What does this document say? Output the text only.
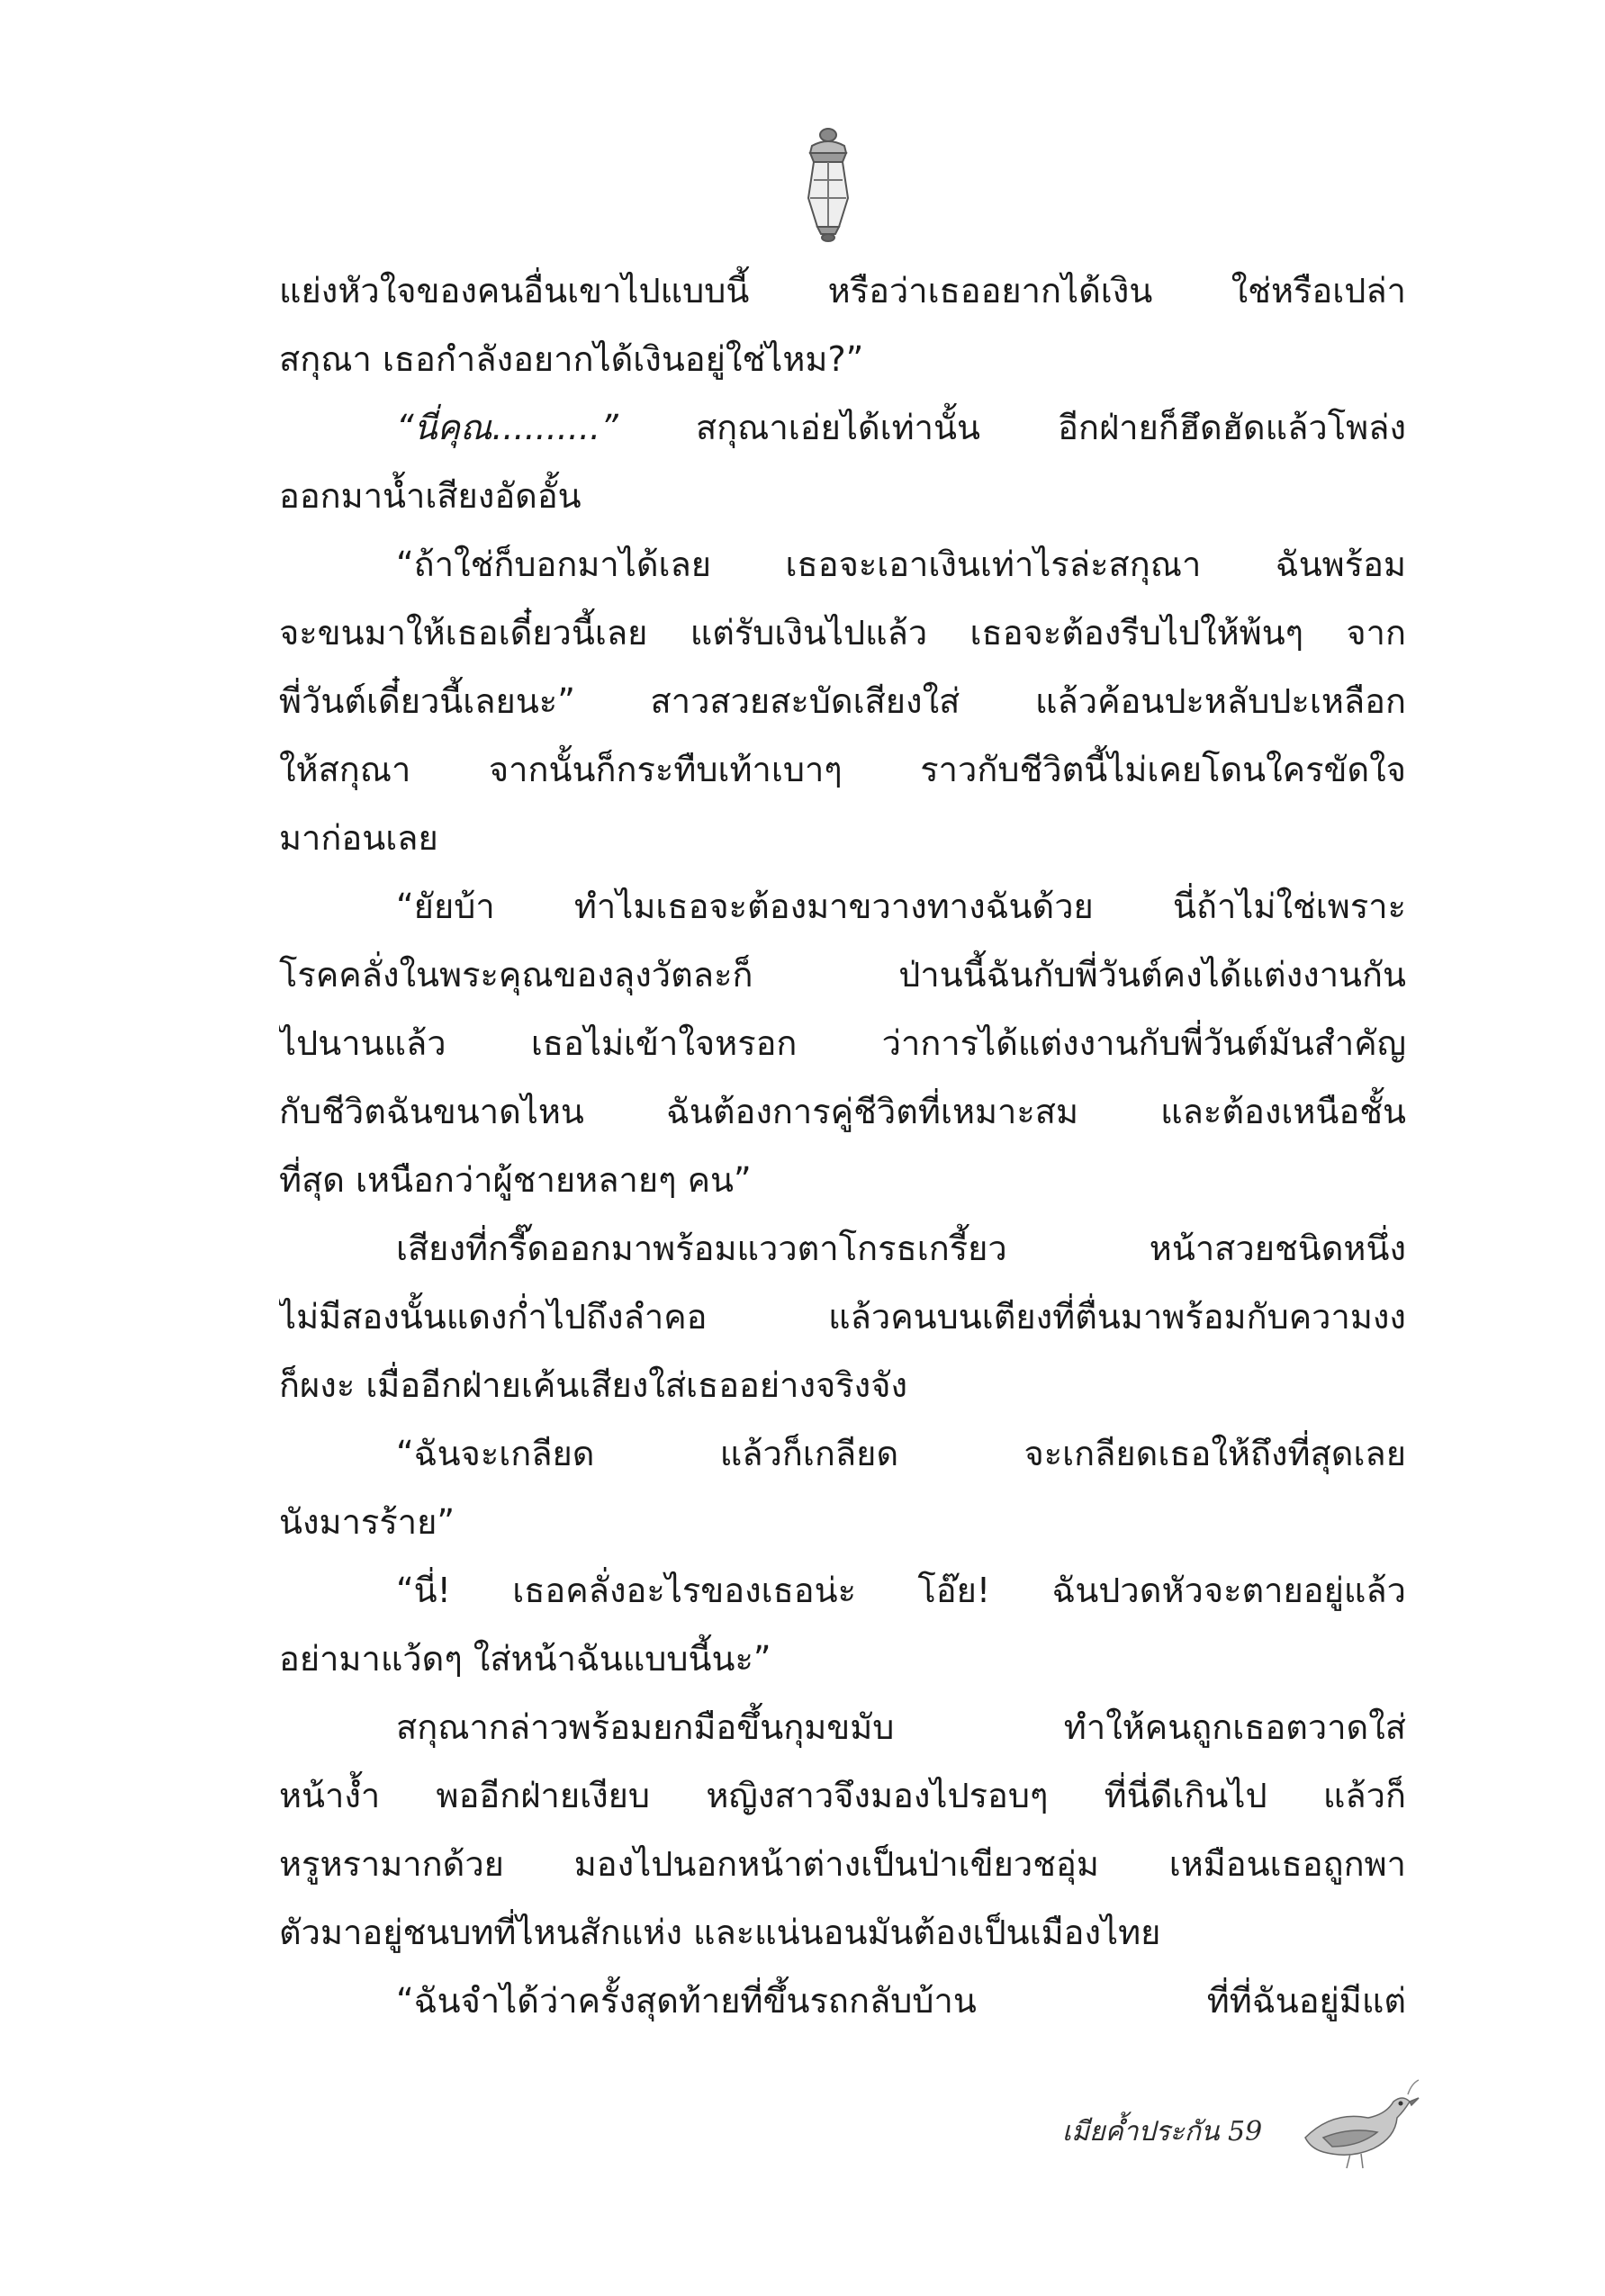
แย่งหัวใจของคนอื่นเขาไปแบบนี้ หรือว่าเธออยากได้เงิน ใช่หรือเปล่า
สกุณา เธอกำลังอยากได้เงินอยู่ใช่ไหม?”
“นี่คุณ..........” สกุณาเอ่ยได้เท่านั้น อีกฝ่ายก็ฮึดฮัดแล้วโพล่ง
ออกมาน้ำเสียงอัดอั้น
“ถ้าใช่ก็บอกมาได้เลย เธอจะเอาเงินเท่าไรล่ะสกุณา ฉันพร้อม
จะขนมาให้เธอเดี๋ยวนี้เลย แต่รับเงินไปแล้ว เธอจะต้องรีบไปให้พ้นๆ จาก
พี่วันต์เดี๋ยวนี้เลยนะ” สาวสวยสะบัดเสียงใส่ แล้วค้อนปะหลับปะเหลือก
ให้สกุณา จากนั้นก็กระทืบเท้าเบาๆ ราวกับชีวิตนี้ไม่เคยโดนใครขัดใจ
มาก่อนเลย
“ยัยบ้า ทำไมเธอจะต้องมาขวางทางฉันด้วย นี่ถ้าไม่ใช่เพราะ
โรคคลั่งในพระคุณของลุงวัตละก็ ป่านนี้ฉันกับพี่วันต์คงได้แต่งงานกัน
ไปนานแล้ว เธอไม่เข้าใจหรอก ว่าการได้แต่งงานกับพี่วันต์มันสำคัญ
กับชีวิตฉันขนาดไหน ฉันต้องการคู่ชีวิตที่เหมาะสม และต้องเหนือชั้น
ที่สุด เหนือกว่าผู้ชายหลายๆ คน”
เสียงที่กรี๊ดออกมาพร้อมแววตาโกรธเกรี้ยว หน้าสวยชนิดหนึ่ง
ไม่มีสองนั้นแดงก่ำไปถึงลำคอ แล้วคนบนเตียงที่ตื่นมาพร้อมกับความงง
ก็ผงะ เมื่ออีกฝ่ายเค้นเสียงใส่เธออย่างจริงจัง
“ฉันจะเกลียด แล้วก็เกลียด จะเกลียดเธอให้ถึงที่สุดเลย
นังมารร้าย”
“นี่! เธอคลั่งอะไรของเธอน่ะ โอ๊ย! ฉันปวดหัวจะตายอยู่แล้ว
อย่ามาแว้ดๆ ใส่หน้าฉันแบบนี้นะ”
สกุณากล่าวพร้อมยกมือขึ้นกุมขมับ ทำให้คนถูกเธอตวาดใส่
หน้างํ้า พออีกฝ่ายเงียบ หญิงสาวจึงมองไปรอบๆ ที่นี่ดีเกินไป แล้วก็
หรูหรามากด้วย มองไปนอกหน้าต่างเป็นป่าเขียวชอุ่ม เหมือนเธอถูกพา
ตัวมาอยู่ชนบทที่ไหนสักแห่ง และแน่นอนมันต้องเป็นเมืองไทย
“ฉันจำได้ว่าครั้งสุดท้ายที่ขึ้นรถกลับบ้าน ที่ที่ฉันอยู่มีแต่
เมียค้ำประกัน 59
